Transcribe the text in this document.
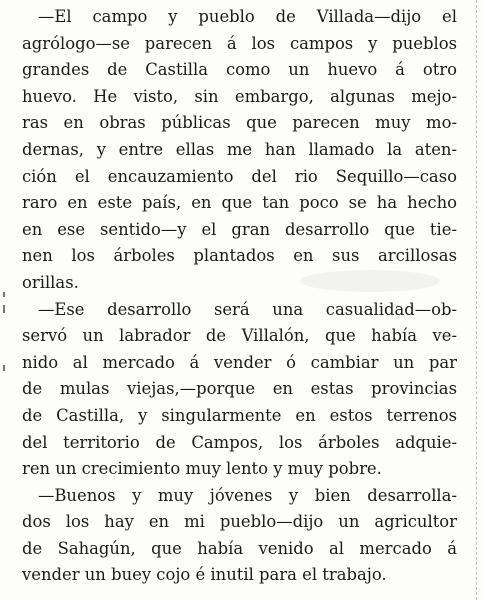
—El campo y pueblo de Villada—dijo el
agrólogo—se parecen á los campos y pueblos
grandes de Castilla como un huevo á otro
huevo. He visto, sin embargo, algunas mejo-
ras en obras públicas que parecen muy mo-
dernas, y entre ellas me han llamado la aten-
ción el encauzamiento del rio Sequillo—caso
raro en este país, en que tan poco se ha hecho
en ese sentido—y el gran desarrollo que tie-
nen los árboles plantados en sus arcillosas
orillas.
—Ese desarrollo será una casualidad—ob-
servó un labrador de Villalón, que había ve-
nido al mercado á vender ó cambiar un par
de mulas viejas,—porque en estas provincias
de Castilla, y singularmente en estos terrenos
del territorio de Campos, los árboles adquie-
ren un crecimiento muy lento y muy pobre.
—Buenos y muy jóvenes y bien desarrolla-
dos los hay en mi pueblo—dijo un agricultor
de Sahagún, que había venido al mercado á
vender un buey cojo é inutil para el trabajo.
